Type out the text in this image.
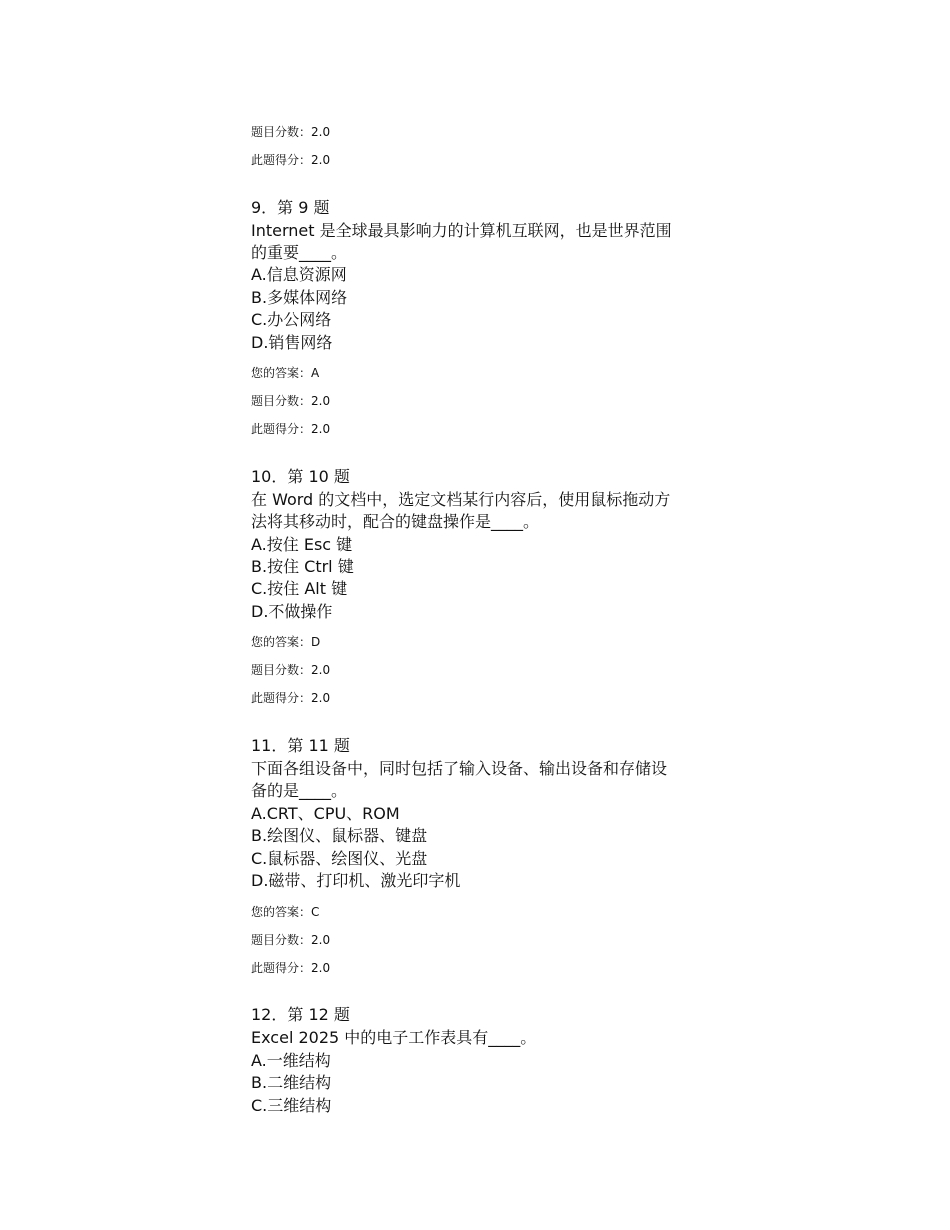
题目分数：2.0
此题得分：2.0
9．第 9 题
Internet 是全球最具影响力的计算机互联网，也是世界范围
的重要____。
A.信息资源网
B.多媒体网络
C.办公网络
D.销售网络
您的答案：A
题目分数：2.0
此题得分：2.0
10．第 10 题
在 Word 的文档中，选定文档某行内容后，使用鼠标拖动方
法将其移动时，配合的键盘操作是____。
A.按住 Esc 键
B.按住 Ctrl 键
C.按住 Alt 键
D.不做操作
您的答案：D
题目分数：2.0
此题得分：2.0
11．第 11 题
下面各组设备中，同时包括了输入设备、输出设备和存储设
备的是____。
A.CRT、CPU、ROM
B.绘图仪、鼠标器、键盘
C.鼠标器、绘图仪、光盘
D.磁带、打印机、激光印字机
您的答案：C
题目分数：2.0
此题得分：2.0
12．第 12 题
Excel 2025 中的电子工作表具有____。
A.一维结构
B.二维结构
C.三维结构
